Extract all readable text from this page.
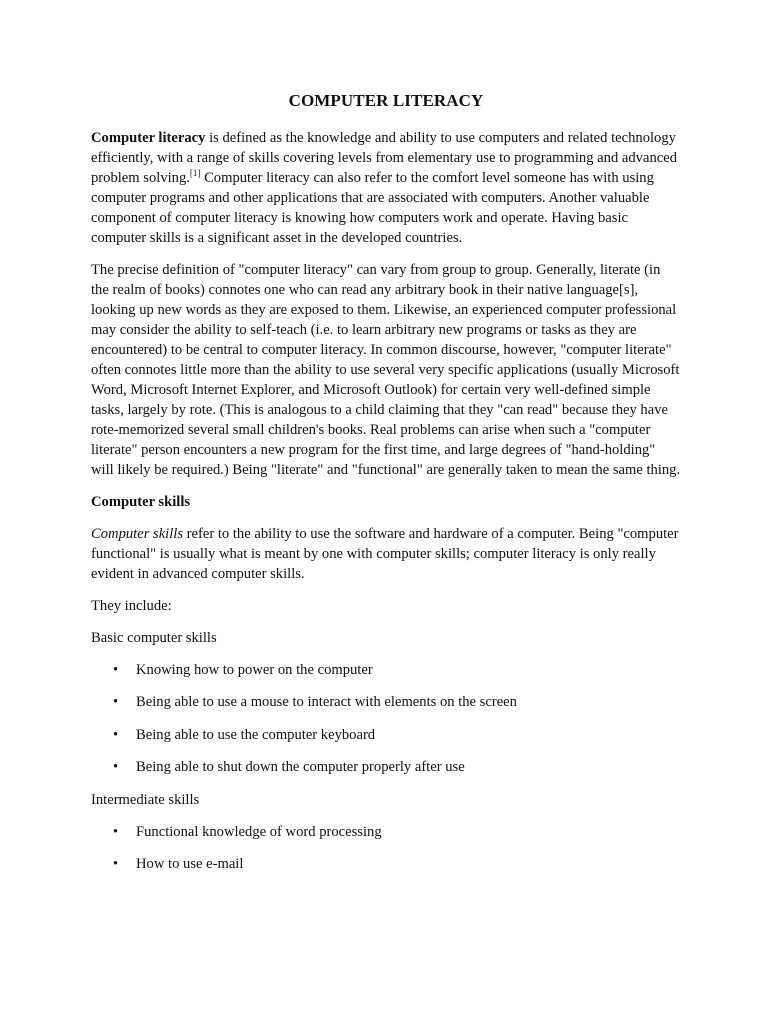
COMPUTER LITERACY

Computer literacy is defined as the knowledge and ability to use computers and related technology efficiently, with a range of skills covering levels from elementary use to programming and advanced problem solving.[1] Computer literacy can also refer to the comfort level someone has with using computer programs and other applications that are associated with computers. Another valuable component of computer literacy is knowing how computers work and operate. Having basic computer skills is a significant asset in the developed countries.

The precise definition of "computer literacy" can vary from group to group. Generally, literate (in the realm of books) connotes one who can read any arbitrary book in their native language[s], looking up new words as they are exposed to them. Likewise, an experienced computer professional may consider the ability to self-teach (i.e. to learn arbitrary new programs or tasks as they are encountered) to be central to computer literacy. In common discourse, however, "computer literate" often connotes little more than the ability to use several very specific applications (usually Microsoft Word, Microsoft Internet Explorer, and Microsoft Outlook) for certain very well-defined simple tasks, largely by rote. (This is analogous to a child claiming that they "can read" because they have rote-memorized several small children's books. Real problems can arise when such a "computer literate" person encounters a new program for the first time, and large degrees of "hand-holding" will likely be required.) Being "literate" and "functional" are generally taken to mean the same thing.

Computer skills

Computer skills refer to the ability to use the software and hardware of a computer. Being "computer functional" is usually what is meant by one with computer skills; computer literacy is only really evident in advanced computer skills.

They include:

Basic computer skills

• Knowing how to power on the computer
• Being able to use a mouse to interact with elements on the screen
• Being able to use the computer keyboard
• Being able to shut down the computer properly after use

Intermediate skills

• Functional knowledge of word processing
• How to use e-mail
